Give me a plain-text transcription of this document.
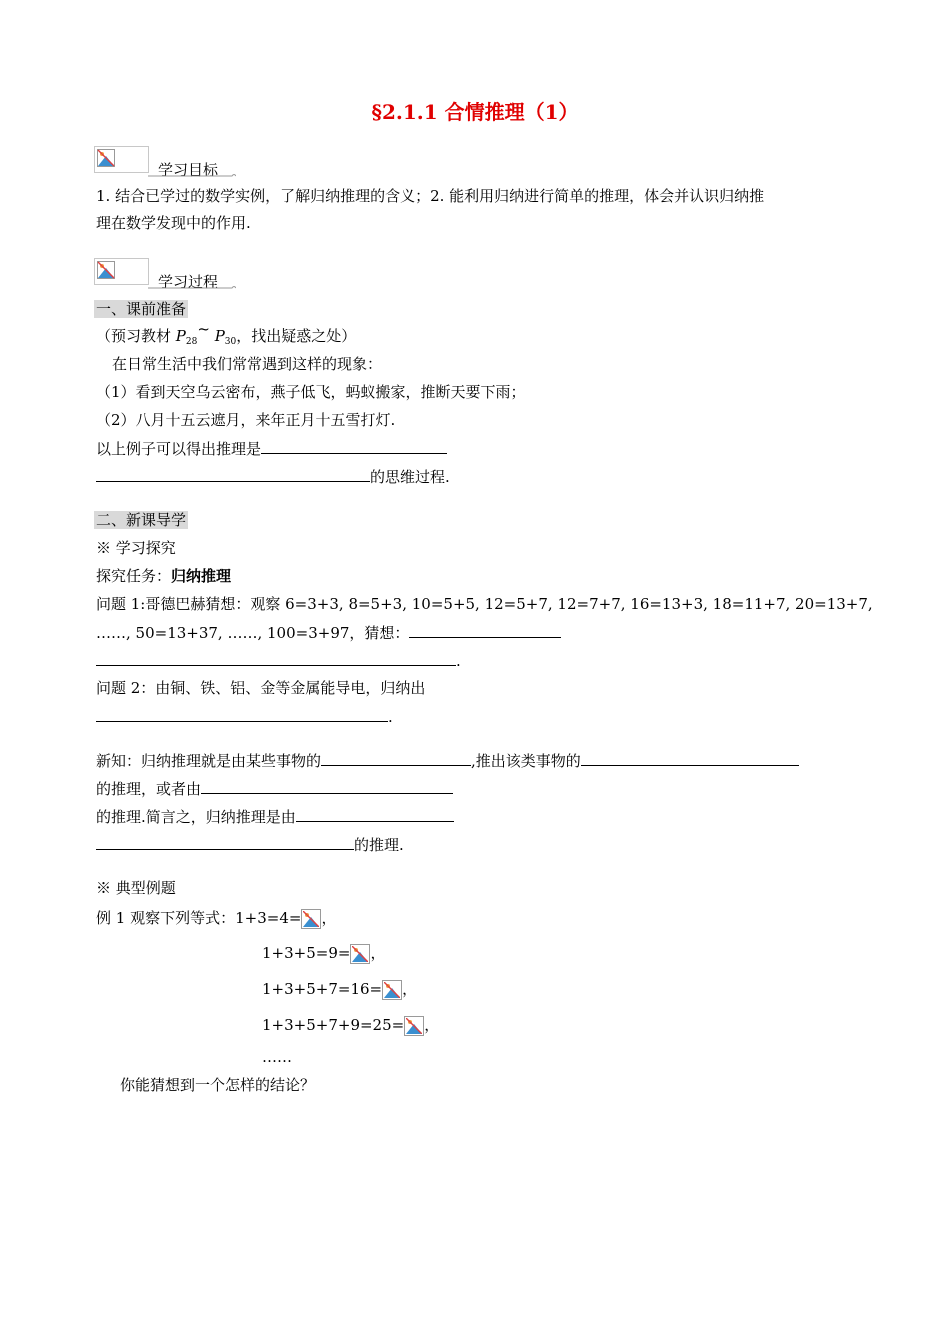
§2.1.1 合情推理（1）
学习目标
1. 结合已学过的数学实例，了解归纳推理的含义；2. 能利用归纳进行简单的推理，体会并认识归纳推
理在数学发现中的作用.
学习过程
一、课前准备
（预习教材 $P_{28}\sim$ $P_{30}$，找出疑惑之处）
在日常生活中我们常常遇到这样的现象：
（1）看到天空乌云密布，燕子低飞，蚂蚁搬家，推断天要下雨；
（2）八月十五云遮月，来年正月十五雪打灯.
以上例子可以得出推理是
的思维过程.
二、新课导学
※ 学习探究
探究任务：归纳推理
问题 1:哥德巴赫猜想：观察 6=3+3, 8=5+3, 10=5+5, 12=5+7, 12=7+7, 16=13+3, 18=11+7, 20=13+7,
……, 50=13+37, ……, 100=3+97，猜想：
.
问题 2：由铜、铁、铝、金等金属能导电，归纳出
.
新知：归纳推理就是由某些事物的	,推出该类事物的
的推理，或者由
的推理.简言之，归纳推理是由
的推理.
※ 典型例题
例 1 观察下列等式：1+3=4= ，
1+3+5=9= ，
1+3+5+7=16= ，
1+3+5+7+9=25= ，
……
你能猜想到一个怎样的结论？
